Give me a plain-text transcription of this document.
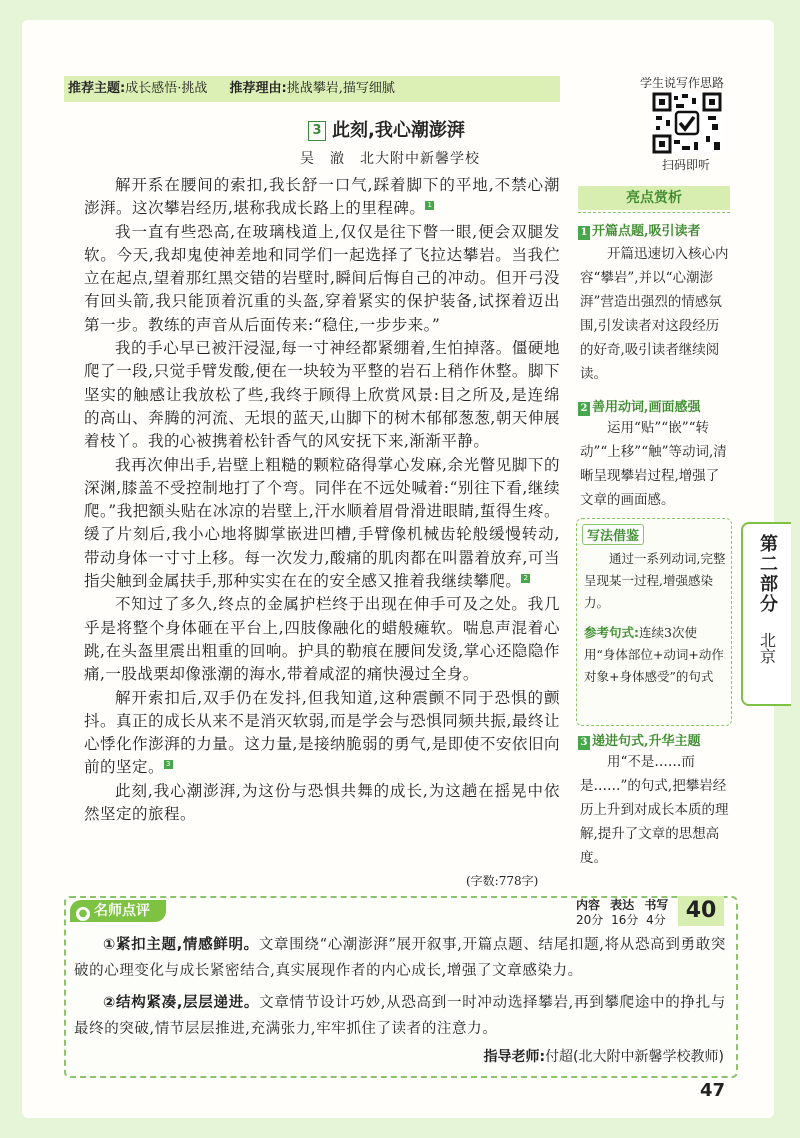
推荐主题:成长感悟·挑战 推荐理由:挑战攀岩,描写细腻	学生说写作思路
扫码即听
3 此刻,我心潮澎湃
吴　澈　北大附中新馨学校

解开系在腰间的索扣,我长舒一口气,踩着脚下的平地,不禁心潮澎湃。这次攀岩经历,堪称我成长路上的里程碑。 1

我一直有些恐高,在玻璃栈道上,仅仅是往下瞥一眼,便会双腿发软。今天,我却鬼使神差地和同学们一起选择了飞拉达攀岩。当我伫立在起点,望着那红黑交错的岩壁时,瞬间后悔自己的冲动。但开弓没有回头箭,我只能顶着沉重的头盔,穿着紧实的保护装备,试探着迈出第一步。教练的声音从后面传来:“稳住,一步步来。”

我的手心早已被汗浸湿,每一寸神经都紧绷着,生怕掉落。僵硬地爬了一段,只觉手臂发酸,便在一块较为平整的岩石上稍作休整。脚下坚实的触感让我放松了些,我终于顾得上欣赏风景:目之所及,是连绵的高山、奔腾的河流、无垠的蓝天,山脚下的树木郁郁葱葱,朝天伸展着枝丫。我的心被携着松针香气的风安抚下来,渐渐平静。

我再次伸出手,岩壁上粗糙的颗粒硌得掌心发麻,余光瞥见脚下的深渊,膝盖不受控制地打了个弯。同伴在不远处喊着:“别往下看,继续爬。”我把额头贴在冰凉的岩壁上,汗水顺着眉骨滑进眼睛,蜇得生疼。缓了片刻后,我小心地将脚掌嵌进凹槽,手臂像机械齿轮般缓慢转动,带动身体一寸寸上移。每一次发力,酸痛的肌肉都在叫嚣着放弃,可当指尖触到金属扶手,那种实实在在的安全感又推着我继续攀爬。 2

不知过了多久,终点的金属护栏终于出现在伸手可及之处。我几乎是将整个身体砸在平台上,四肢像融化的蜡般瘫软。喘息声混着心跳,在头盔里震出粗重的回响。护具的勒痕在腰间发烫,掌心还隐隐作痛,一股战栗却像涨潮的海水,带着咸涩的痛快漫过全身。

解开索扣后,双手仍在发抖,但我知道,这种震颤不同于恐惧的颤抖。真正的成长从来不是消灭软弱,而是学会与恐惧同频共振,最终让心悸化作澎湃的力量。这力量,是接纳脆弱的勇气,是即使不安依旧向前的坚定。 3

此刻,我心潮澎湃,为这份与恐惧共舞的成长,为这趟在摇晃中依然坚定的旅程。

(字数:778字)
亮点赏析
1 开篇点题,吸引读者
开篇迅速切入核心内容“攀岩”,并以“心潮澎湃”营造出强烈的情感氛围,引发读者对这段经历的好奇,吸引读者继续阅读。
2 善用动词,画面感强
运用“贴”“嵌”“转动”“上移”“触”等动词,清晰呈现攀岩过程,增强了文章的画面感。
写法借鉴
通过一系列动词,完整呈现某一过程,增强感染力。
参考句式:连续3次使用“身体部位+动词+动作对象+身体感受”的句式
3 递进句式,升华主题
用“不是……而是……”的句式,把攀岩经历上升到对成长本质的理解,提升了文章的思想高度。
第二部分
北京
● 名师点评	内容 表达 书写
20分 16分 4分 40
①紧扣主题,情感鲜明。文章围绕“心潮澎湃”展开叙事,开篇点题、结尾扣题,将从恐高到勇敢突破的心理变化与成长紧密结合,真实展现作者的内心成长,增强了文章感染力。
②结构紧凑,层层递进。文章情节设计巧妙,从恐高到一时冲动选择攀岩,再到攀爬途中的挣扎与最终的突破,情节层层推进,充满张力,牢牢抓住了读者的注意力。
指导老师:付超(北大附中新馨学校教师)
47
